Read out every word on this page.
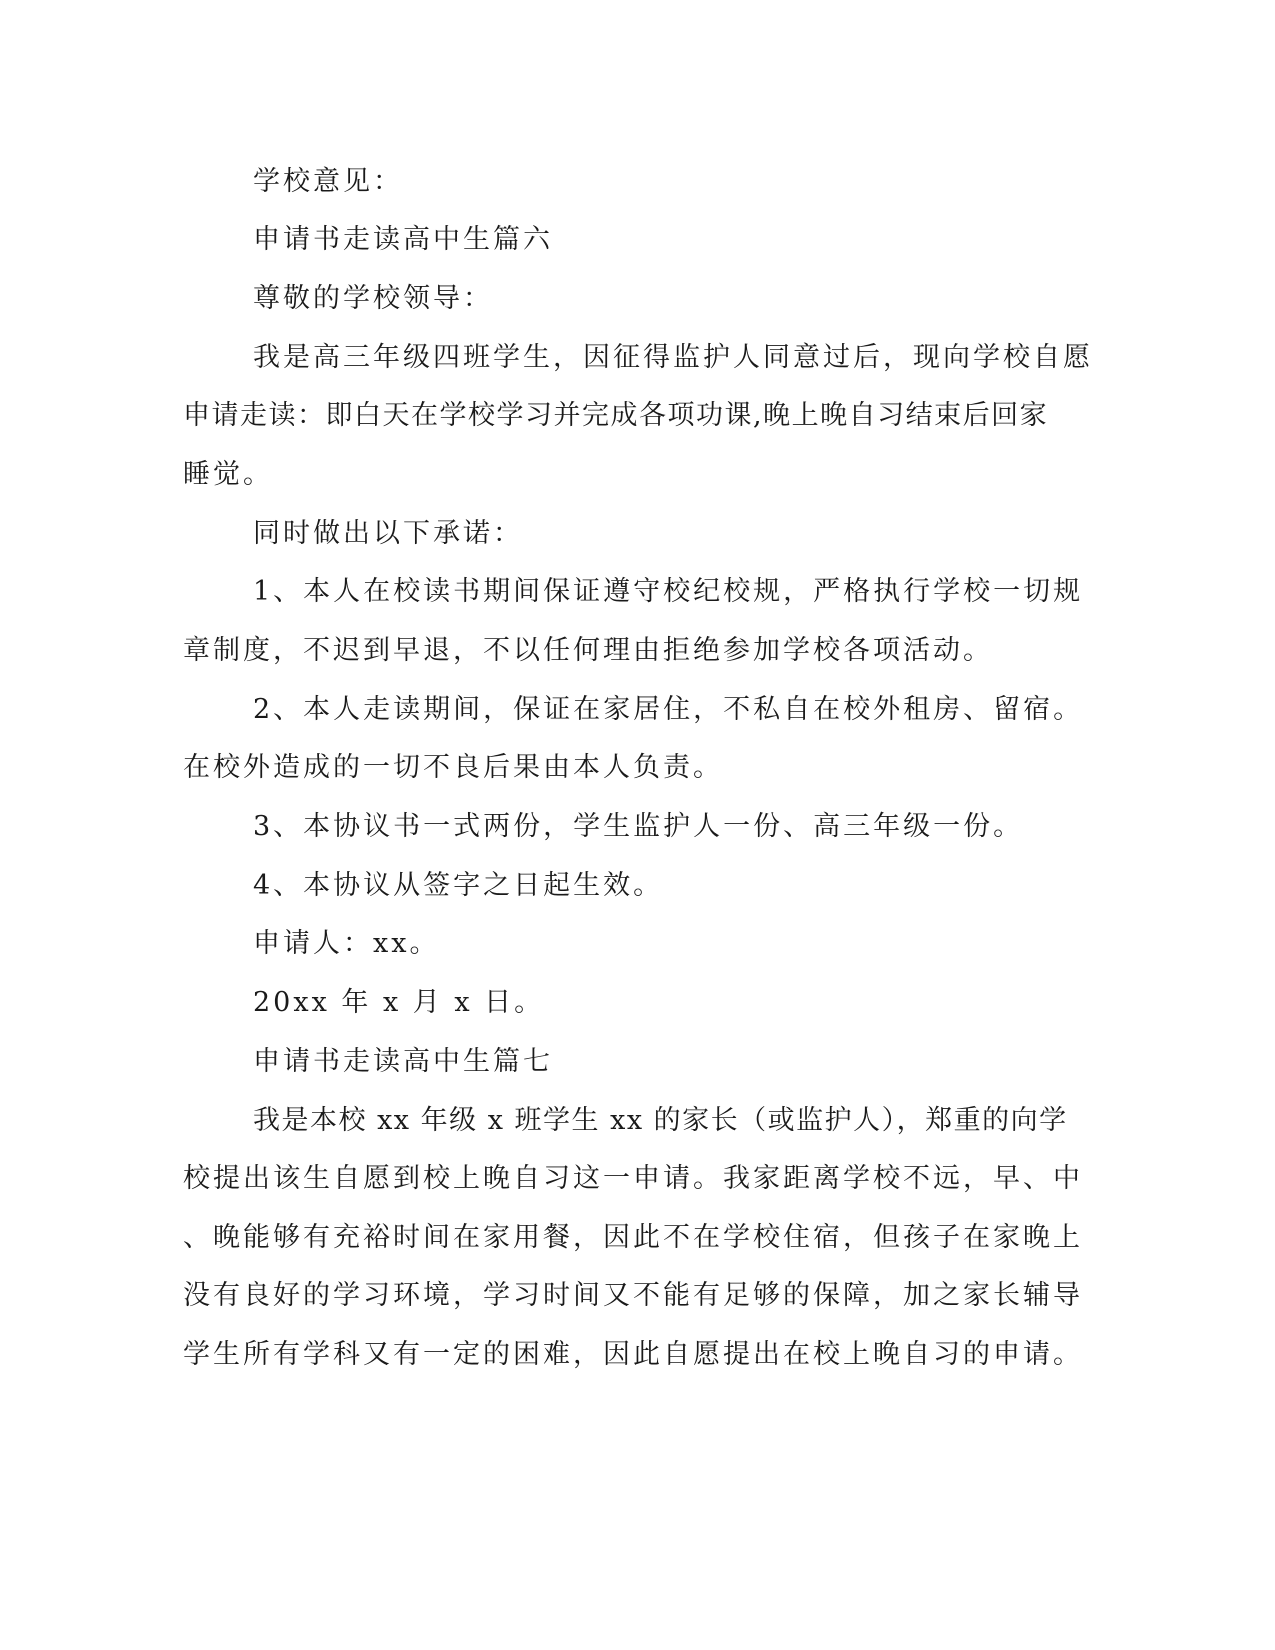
学校意见：
申请书走读高中生篇六
尊敬的学校领导：
我是高三年级四班学生，因征得监护人同意过后，现向学校自愿
申请走读：即白天在学校学习并完成各项功课,晚上晚自习结束后回家
睡觉。
同时做出以下承诺：
1、本人在校读书期间保证遵守校纪校规，严格执行学校一切规
章制度，不迟到早退，不以任何理由拒绝参加学校各项活动。
2、本人走读期间，保证在家居住，不私自在校外租房、留宿。
在校外造成的一切不良后果由本人负责。
3、本协议书一式两份，学生监护人一份、高三年级一份。
4、本协议从签字之日起生效。
申请人：xx。
20xx 年 x 月 x 日。
申请书走读高中生篇七
我是本校 xx 年级 x 班学生 xx 的家长（或监护人），郑重的向学
校提出该生自愿到校上晚自习这一申请。我家距离学校不远，早、中
、晚能够有充裕时间在家用餐，因此不在学校住宿，但孩子在家晚上
没有良好的学习环境，学习时间又不能有足够的保障，加之家长辅导
学生所有学科又有一定的困难，因此自愿提出在校上晚自习的申请。
